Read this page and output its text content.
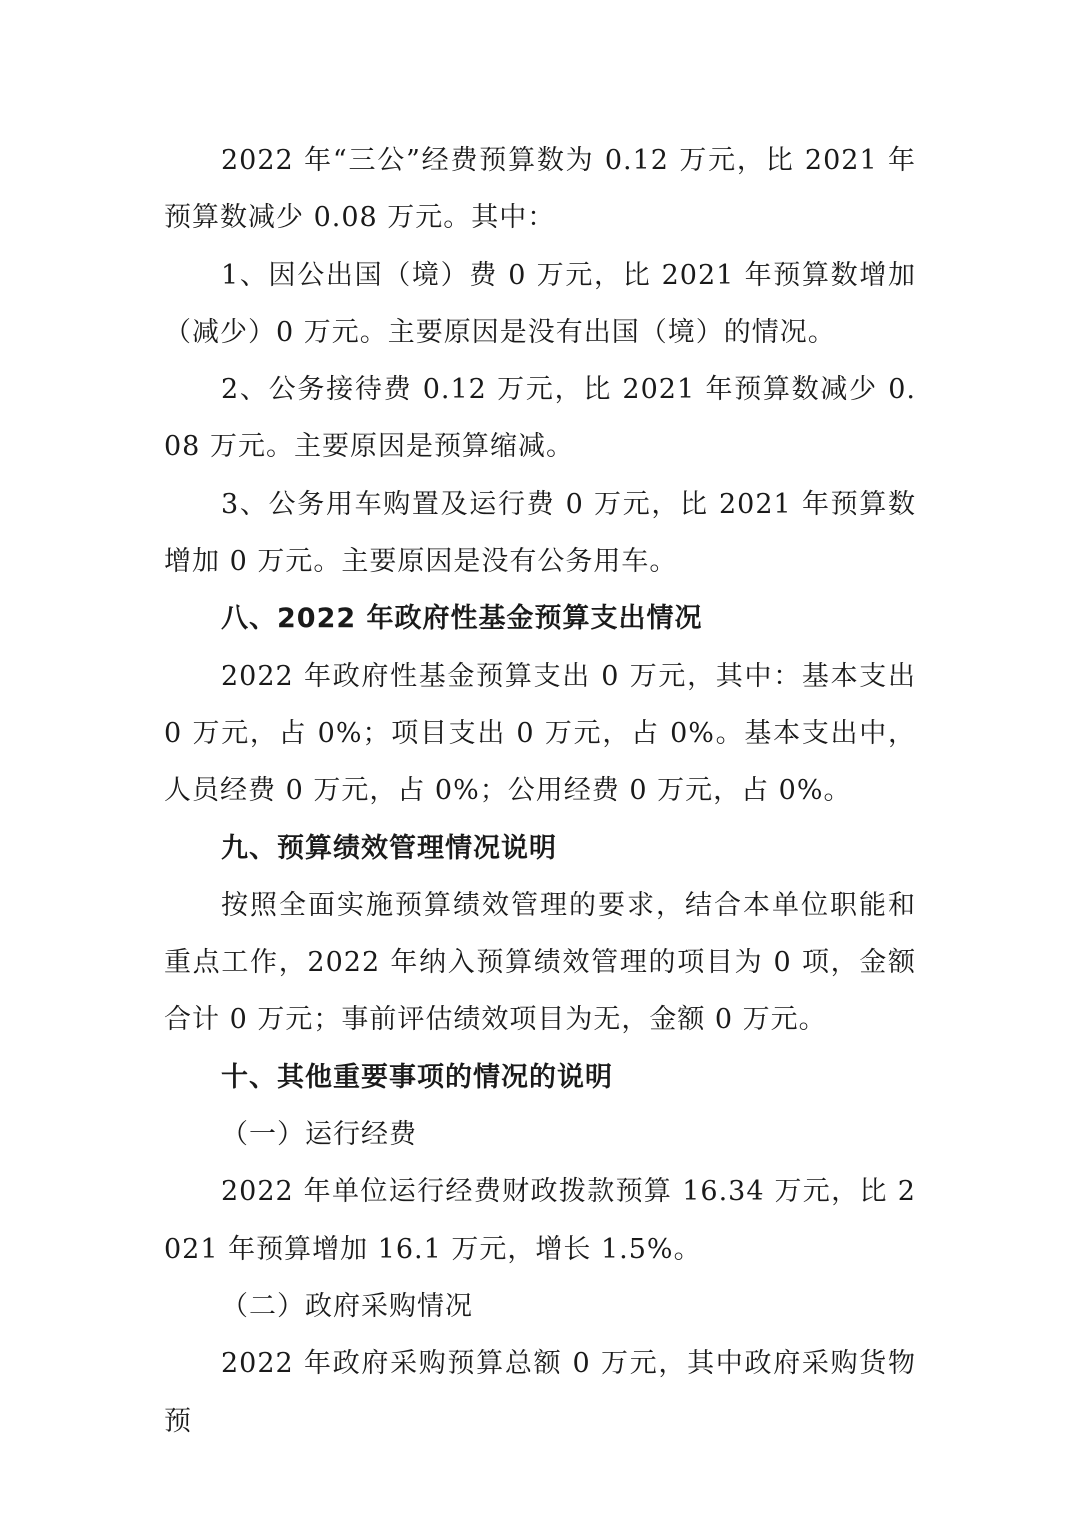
2022 年“三公”经费预算数为 0.12 万元，比 2021 年预算数减少 0.08 万元。其中：

1、因公出国（境）费 0 万元，比 2021 年预算数增加（减少）0 万元。主要原因是没有出国（境）的情况。

2、公务接待费 0.12 万元，比 2021 年预算数减少 0.08 万元。主要原因是预算缩减。

3、公务用车购置及运行费 0 万元，比 2021 年预算数增加 0 万元。主要原因是没有公务用车。

八、2022 年政府性基金预算支出情况

2022 年政府性基金预算支出 0 万元，其中：基本支出 0 万元，占 0%；项目支出 0 万元，占 0%。基本支出中，人员经费 0 万元，占 0%；公用经费 0 万元，占 0%。

九、预算绩效管理情况说明

按照全面实施预算绩效管理的要求，结合本单位职能和重点工作，2022 年纳入预算绩效管理的项目为 0 项，金额合计 0 万元；事前评估绩效项目为无，金额 0 万元。

十、其他重要事项的情况的说明

（一）运行经费

2022 年单位运行经费财政拨款预算 16.34 万元，比 2021 年预算增加 16.1 万元，增长 1.5%。

（二）政府采购情况

2022 年政府采购预算总额 0 万元，其中政府采购货物预
